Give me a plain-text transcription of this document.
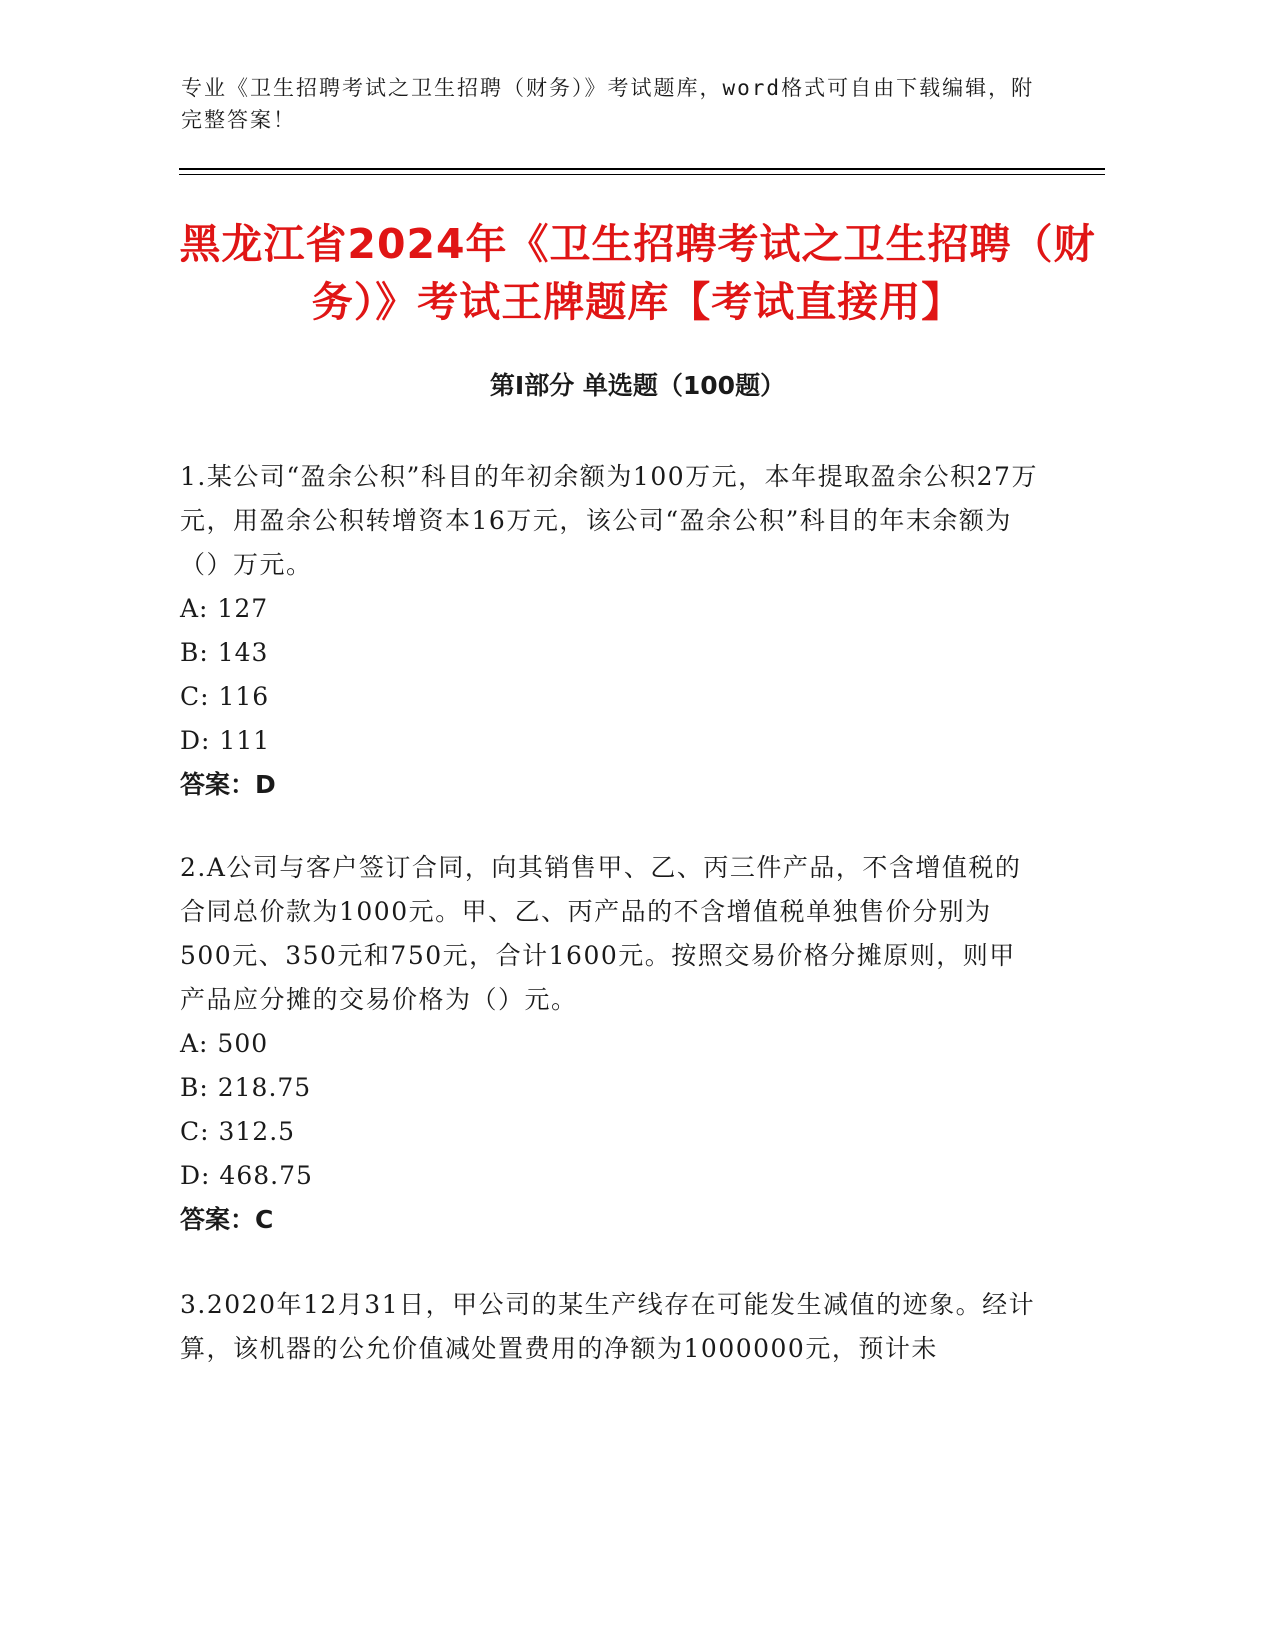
专业《卫生招聘考试之卫生招聘（财务）》考试题库，word格式可自由下载编辑，附完整答案！
黑龙江省2024年《卫生招聘考试之卫生招聘（财务）》考试王牌题库【考试直接用】
第I部分 单选题（100题）

1.某公司“盈余公积”科目的年初余额为100万元，本年提取盈余公积27万元，用盈余公积转增资本16万元，该公司“盈余公积”科目的年末余额为（）万元。

A: 127
B: 143
C: 116
D: 111

答案：D

2.A公司与客户签订合同，向其销售甲、乙、丙三件产品，不含增值税的合同总价款为1000元。甲、乙、丙产品的不含增值税单独售价分别为500元、350元和750元，合计1600元。按照交易价格分摊原则，则甲产品应分摊的交易价格为（）元。

A: 500
B: 218.75
C: 312.5
D: 468.75

答案：C

3.2020年12月31日，甲公司的某生产线存在可能发生减值的迹象。经计算，该机器的公允价值减处置费用的净额为1000000元，预计未
